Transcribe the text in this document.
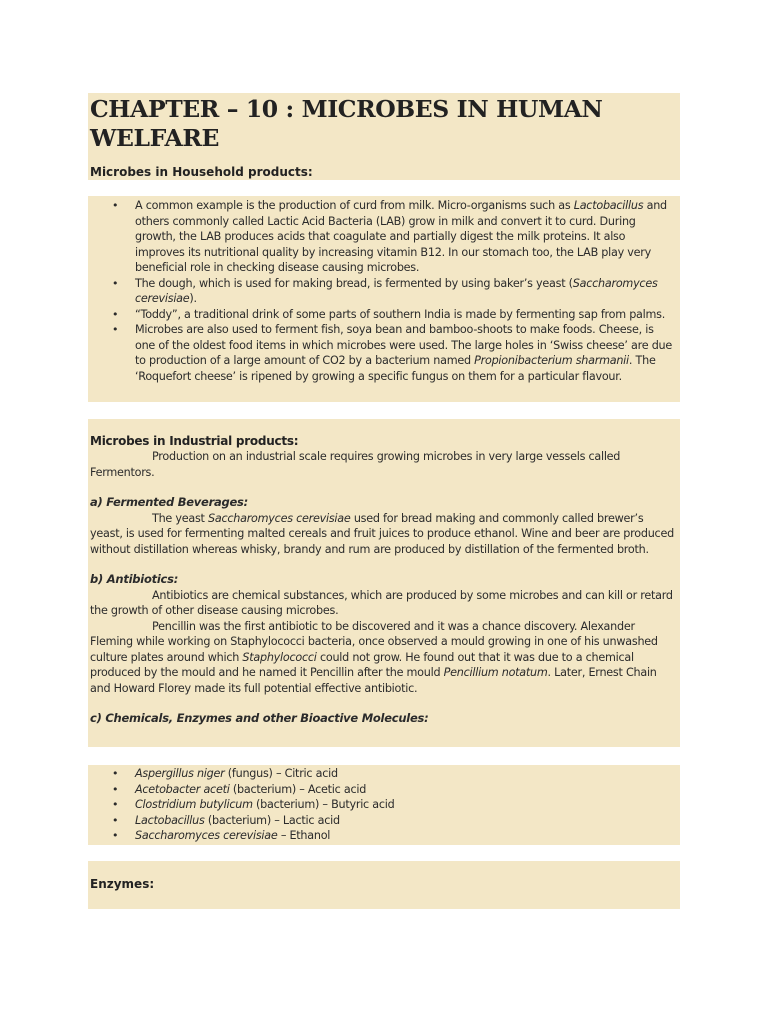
CHAPTER – 10 : MICROBES IN HUMAN WELFARE
Microbes in Household products:
• A common example is the production of curd from milk. Micro-organisms such as Lactobacillus and others commonly called Lactic Acid Bacteria (LAB) grow in milk and convert it to curd. During growth, the LAB produces acids that coagulate and partially digest the milk proteins. It also improves its nutritional quality by increasing vitamin B12. In our stomach too, the LAB play very beneficial role in checking disease causing microbes.
• The dough, which is used for making bread, is fermented by using baker’s yeast (Saccharomyces cerevisiae).
• “Toddy”, a traditional drink of some parts of southern India is made by fermenting sap from palms.
• Microbes are also used to ferment fish, soya bean and bamboo-shoots to make foods. Cheese, is one of the oldest food items in which microbes were used. The large holes in ‘Swiss cheese’ are due to production of a large amount of CO2 by a bacterium named Propionibacterium sharmanii. The ‘Roquefort cheese’ is ripened by growing a specific fungus on them for a particular flavour.

Microbes in Industrial products:

Production on an industrial scale requires growing microbes in very large vessels called Fermentors.

a) Fermented Beverages:

The yeast Saccharomyces cerevisiae used for bread making and commonly called brewer’s yeast, is used for fermenting malted cereals and fruit juices to produce ethanol. Wine and beer are produced without distillation whereas whisky, brandy and rum are produced by distillation of the fermented broth.

b) Antibiotics:

Antibiotics are chemical substances, which are produced by some microbes and can kill or retard the growth of other disease causing microbes.

Pencillin was the first antibiotic to be discovered and it was a chance discovery. Alexander Fleming while working on Staphylococci bacteria, once observed a mould growing in one of his unwashed culture plates around which Staphylococci could not grow. He found out that it was due to a chemical produced by the mould and he named it Pencillin after the mould Pencillium notatum. Later, Ernest Chain and Howard Florey made its full potential effective antibiotic.

c) Chemicals, Enzymes and other Bioactive Molecules:

• Aspergillus niger (fungus) – Citric acid
• Acetobacter aceti (bacterium) – Acetic acid
• Clostridium butylicum (bacterium) – Butyric acid
• Lactobacillus (bacterium) – Lactic acid
• Saccharomyces cerevisiae – Ethanol
Enzymes:
